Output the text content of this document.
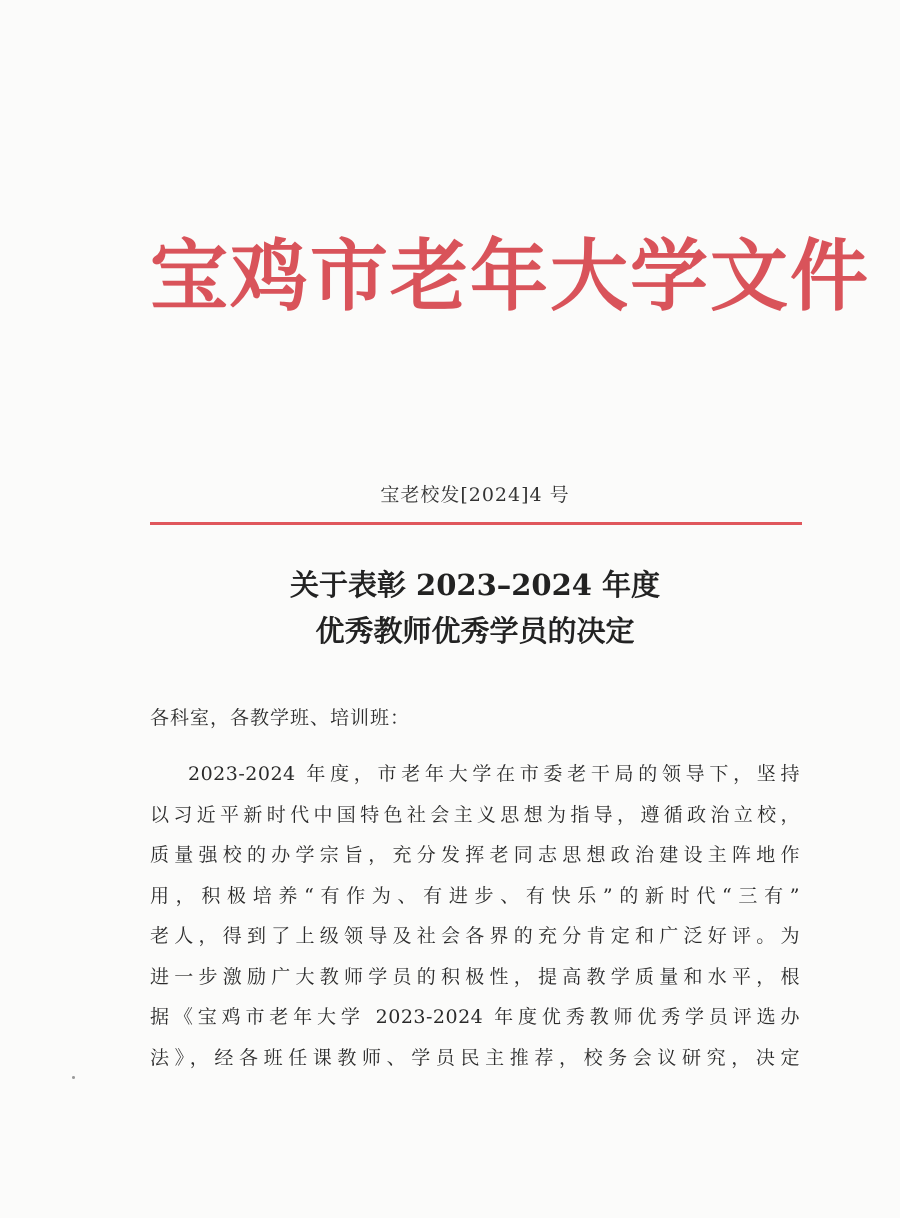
宝鸡市老年大学文件
宝老校发[2024]4 号
关于表彰 2023–2024 年度
优秀教师优秀学员的决定
各科室，各教学班、培训班：
2023-2024 年度，市老年大学在市委老干局的领导下，坚持
以习近平新时代中国特色社会主义思想为指导，遵循政治立校，
质量强校的办学宗旨，充分发挥老同志思想政治建设主阵地作
用，积极培养“有作为、有进步、有快乐”的新时代“三有”
老人，得到了上级领导及社会各界的充分肯定和广泛好评。为
进一步激励广大教师学员的积极性，提高教学质量和水平，根
据《宝鸡市老年大学 2023-2024 年度优秀教师优秀学员评选办
法》，经各班任课教师、学员民主推荐，校务会议研究，决定
